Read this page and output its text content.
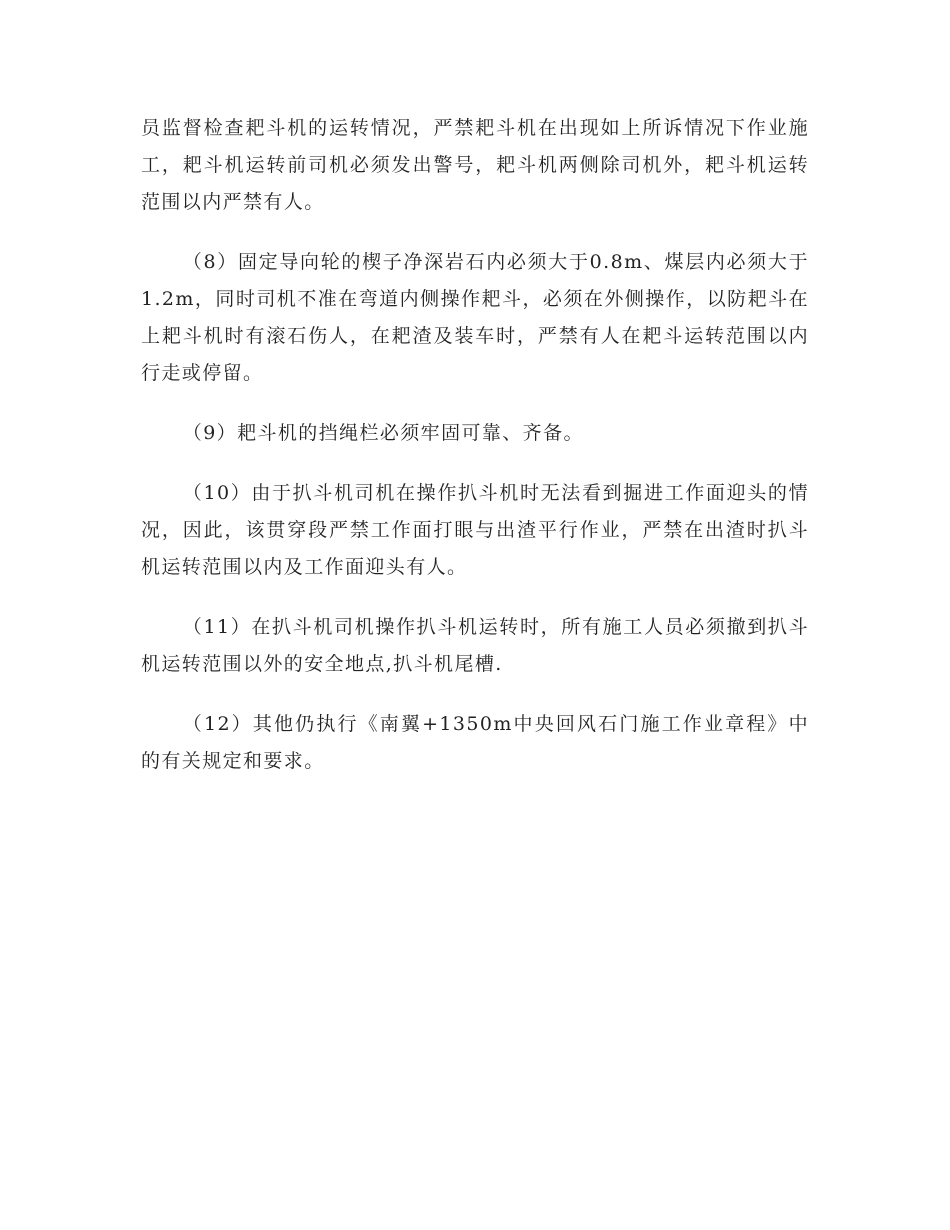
员监督检查耙斗机的运转情况，严禁耙斗机在出现如上所诉情况下作业施工，耙斗机运转前司机必须发出警号，耙斗机两侧除司机外，耙斗机运转范围以内严禁有人。

（8）固定导向轮的楔子净深岩石内必须大于0.8m、煤层内必须大于1.2m，同时司机不准在弯道内侧操作耙斗，必须在外侧操作，以防耙斗在上耙斗机时有滚石伤人，在耙渣及装车时，严禁有人在耙斗运转范围以内行走或停留。

（9）耙斗机的挡绳栏必须牢固可靠、齐备。

（10）由于扒斗机司机在操作扒斗机时无法看到掘进工作面迎头的情况，因此，该贯穿段严禁工作面打眼与出渣平行作业，严禁在出渣时扒斗机运转范围以内及工作面迎头有人。

（11）在扒斗机司机操作扒斗机运转时，所有施工人员必须撤到扒斗机运转范围以外的安全地点,扒斗机尾槽.

（12）其他仍执行《南翼+1350m中央回风石门施工作业章程》中的有关规定和要求。
